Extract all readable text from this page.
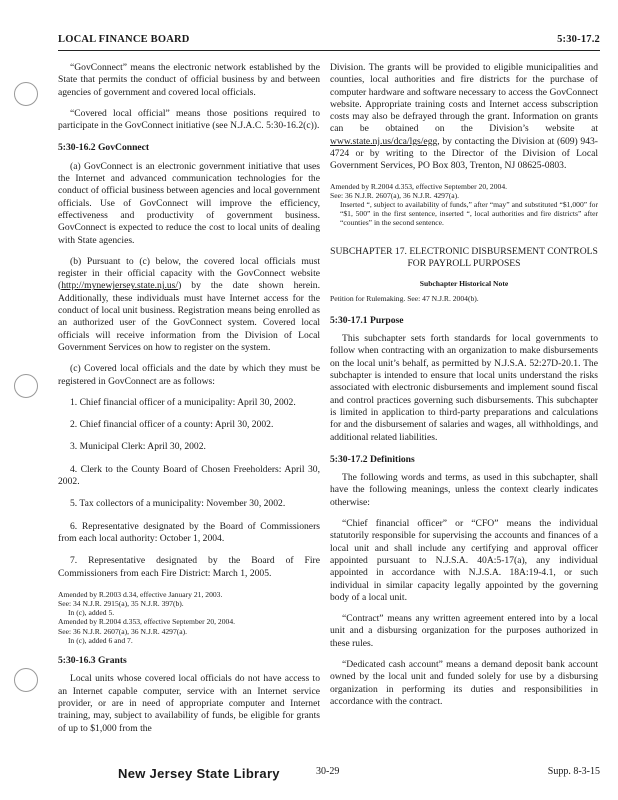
LOCAL FINANCE BOARD	5:30-17.2

“GovConnect” means the electronic network established by the State that permits the conduct of official business by and between agencies of government and covered local officials.

“Covered local official” means those positions required to participate in the GovConnect initiative (see N.J.A.C. 5:30-16.2(c)).

5:30-16.2 GovConnect

(a) GovConnect is an electronic government initiative that uses the Internet and advanced communication technologies for the conduct of official business between agencies and local government officials. Use of GovConnect will improve the efficiency, effectiveness and productivity of government business. GovConnect is expected to reduce the cost to local units of dealing with State agencies.

(b) Pursuant to (c) below, the covered local officials must register in their official capacity with the GovConnect website (http://mynewjersey.state.nj.us/) by the date shown herein. Additionally, these individuals must have Internet access for the conduct of local unit business. Registration means being enrolled as an authorized user of the GovConnect system. Covered local officials will receive information from the Division of Local Government Services on how to register on the system.

(c) Covered local officials and the date by which they must be registered in GovConnect are as follows:

1. Chief financial officer of a municipality: April 30, 2002.
2. Chief financial officer of a county: April 30, 2002.
3. Municipal Clerk: April 30, 2002.
4. Clerk to the County Board of Chosen Freeholders: April 30, 2002.
5. Tax collectors of a municipality: November 30, 2002.
6. Representative designated by the Board of Commissioners from each local authority: October 1, 2004.
7. Representative designated by the Board of Fire Commissioners from each Fire District: March 1, 2005.
Amended by R.2003 d.34, effective January 21, 2003.
See: 34 N.J.R. 2915(a), 35 N.J.R. 397(b).
In (c), added 5.
Amended by R.2004 d.353, effective September 20, 2004.
See: 36 N.J.R. 2607(a), 36 N.J.R. 4297(a).
In (c), added 6 and 7.
5:30-16.3 Grants

Local units whose covered local officials do not have access to an Internet capable computer, service with an Internet service provider, or are in need of appropriate computer and Internet training, may, subject to availability of funds, be eligible for grants of up to $1,000 from the

Division. The grants will be provided to eligible municipalities and counties, local authorities and fire districts for the purchase of computer hardware and software necessary to access the GovConnect website. Appropriate training costs and Internet access subscription costs may also be defrayed through the grant. Information on grants can be obtained on the Division’s website at www.state.nj.us/dca/lgs/egg, by contacting the Division at (609) 943-4724 or by writing to the Director of the Division of Local Government Services, PO Box 803, Trenton, NJ 08625-0803.

Amended by R.2004 d.353, effective September 20, 2004.
See: 36 N.J.R. 2607(a), 36 N.J.R. 4297(a).
Inserted “, subject to availability of funds,” after “may” and substituted “$1,000” for “$1, 500” in the first sentence, inserted “, local authorities and fire districts” after “counties” in the second sentence.
SUBCHAPTER 17. ELECTRONIC DISBURSEMENT CONTROLS FOR PAYROLL PURPOSES
Subchapter Historical Note
Petition for Rulemaking. See: 47 N.J.R. 2004(b).
5:30-17.1 Purpose

This subchapter sets forth standards for local governments to follow when contracting with an organization to make disbursements on the local unit’s behalf, as permitted by N.J.S.A. 52:27D-20.1. The subchapter is intended to ensure that local units understand the risks associated with electronic disbursements and implement sound fiscal and control practices governing such disbursements. This subchapter is limited in application to third-party preparations and calculations for and the disbursement of salaries and wages, all withholdings, and additional related liabilities.

5:30-17.2 Definitions

The following words and terms, as used in this subchapter, shall have the following meanings, unless the context clearly indicates otherwise:

“Chief financial officer” or “CFO” means the individual statutorily responsible for supervising the accounts and finances of a local unit and shall include any certifying and approval officer appointed pursuant to N.J.S.A. 40A:5-17(a), any individual appointed in accordance with N.J.S.A. 18A:19-4.1, or such individual in similar capacity legally appointed by the governing body of a local unit.

“Contract” means any written agreement entered into by a local unit and a disbursing organization for the purposes authorized in these rules.

“Dedicated cash account” means a demand deposit bank account owned by the local unit and funded solely for use by a disbursing organization in performing its duties and responsibilities in accordance with the contract.

New Jersey State Library	30-29	Supp. 8-3-15
